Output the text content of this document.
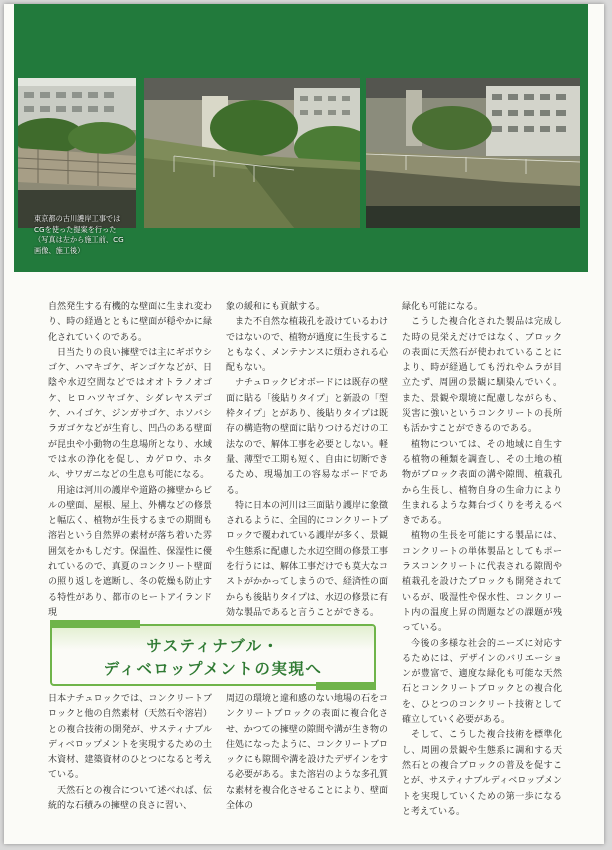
東京都の古川護岸工事では
CGを使った提案を行った
（写真は左から施工前、CG
画像、施工後）

自然発生する有機的な壁面に生まれ変わり、時の経過とともに壁面が穏やかに緑化されていくのである。

日当たりの良い擁壁では主にギボウシゴケ、ハマキゴケ、ギンゴケなどが、日陰や水辺空間などではオオトラノオゴケ、ヒロハツヤゴケ、シダレヤスデゴケ、ハイゴケ、ジンガサゴケ、ホソバシラガゴケなどが生育し、凹凸のある壁面が昆虫や小動物の生息場所となり、水域では水の浄化を促し、カゲロウ、ホタル、サワガニなどの生息も可能になる。

用途は河川の護岸や道路の擁壁からビルの壁面、屋根、屋上、外構などの修景と幅広く、植物が生長するまでの期間も溶岩という自然界の素材が落ち着いた雰囲気をかもしだす。保温性、保湿性に優れているので、真夏のコンクリート壁面の照り返しを遮断し、冬の乾燥も防止する特性があり、都市のヒートアイランド現

象の緩和にも貢献する。

また不自然な植栽孔を設けているわけではないので、植物が過度に生長することもなく、メンテナンスに煩わされる心配もない。

ナチュロックビオボードには既存の壁面に貼る「後貼りタイプ」と新設の「型枠タイプ」とがあり、後貼りタイプは既存の構造物の壁面に貼りつけるだけの工法なので、解体工事を必要としない。軽量、薄型で工期も短く、自由に切断できるため、現場加工の容易なボードである。

特に日本の河川は三面貼り護岸に象徴されるように、全国的にコンクリートブロックで覆われている護岸が多く、景観や生態系に配慮した水辺空間の修景工事を行うには、解体工事だけでも莫大なコストがかかってしまうので、経済性の面からも後貼りタイプは、水辺の修景に有効な製品であると言うことができる。

緑化も可能になる。

こうした複合化された製品は完成した時の見栄えだけではなく、ブロックの表面に天然石が使われていることにより、時が経過しても汚れやムラが目立たず、周囲の景観に馴染んでいく。また、景観や環境に配慮しながらも、災害に強いというコンクリートの長所も活かすことができるのである。

植物については、その地域に自生する植物の種類を調査し、その土地の植物がブロック表面の溝や隙間、植栽孔から生長し、植物自身の生命力により生まれるような舞台づくりを考えるべきである。

植物の生長を可能にする製品には、コンクリートの単体製品としてもポーラスコンクリートに代表される隙間や植栽孔を設けたブロックも開発されているが、吸湿性や保水性、コンクリート内の温度上昇の問題などの課題が残っている。

今後の多様な社会的ニーズに対応するためには、デザインのバリエーションが豊富で、適度な緑化も可能な天然石とコンクリートブロックとの複合化を、ひとつのコンクリート技術として確立していく必要がある。

そして、こうした複合技術を標準化し、周囲の景観や生態系に調和する天然石との複合ブロックの普及を促すことが、サスティナブルディベロップメントを実現していくための第一歩になると考えている。

サスティナブル・
ディベロップメントの実現へ

日本ナチュロックでは、コンクリートブロックと他の自然素材（天然石や溶岩）との複合技術の開発が、サスティナブルディベロップメントを実現するための土木資材、建築資材のひとつになると考えている。

天然石との複合について述べれば、伝統的な石積みの擁壁の良さに習い、

周辺の環境と違和感のない地場の石をコンクリートブロックの表面に複合化させ、かつての擁壁の隙間や溝が生き物の住処になったように、コンクリートブロックにも隙間や溝を設けたデザインをする必要がある。また溶岩のような多孔質な素材を複合化させることにより、壁面全体の
